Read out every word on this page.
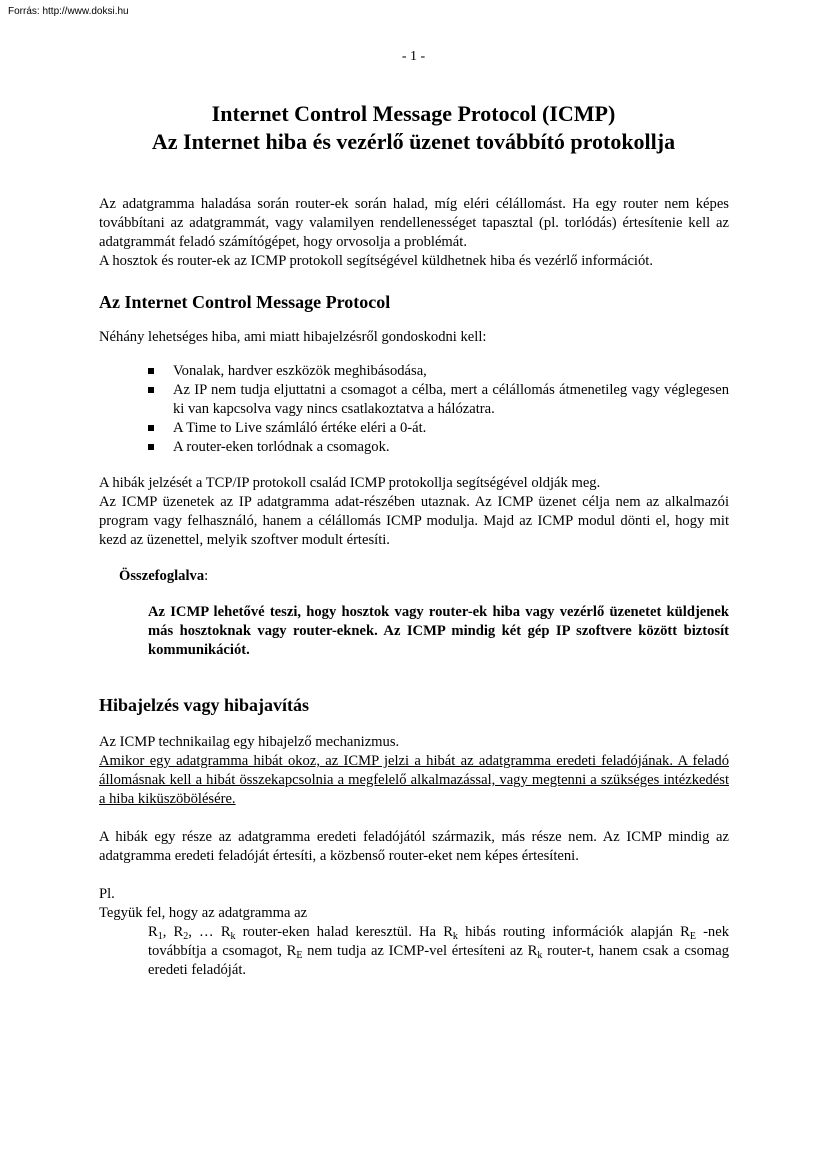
Forrás: http://www.doksi.hu
- 1 -
Internet Control Message Protocol (ICMP)
Az Internet hiba és vezérlő üzenet továbbító protokollja

Az adatgramma haladása során router-ek során halad, míg eléri célállomást. Ha egy router nem képes továbbítani az adatgrammát, vagy valamilyen rendellenességet tapasztal (pl. torlódás) értesítenie kell az adatgrammát feladó számítógépet, hogy orvosolja a problémát.

A hosztok és router-ek az ICMP protokoll segítségével küldhetnek hiba és vezérlő információt.

Az Internet Control Message Protocol

Néhány lehetséges hiba, ami miatt hibajelzésről gondoskodni kell:

Vonalak, hardver eszközök meghibásodása,
Az IP nem tudja eljuttatni a csomagot a célba, mert a célállomás átmenetileg vagy véglegesen ki van kapcsolva vagy nincs csatlakoztatva a hálózatra.
A Time to Live számláló értéke eléri a 0-át.
A router-eken torlódnak a csomagok.

A hibák jelzését a TCP/IP protokoll család ICMP protokollja segítségével oldják meg.

Az ICMP üzenetek az IP adatgramma adat-részében utaznak. Az ICMP üzenet célja nem az alkalmazói program vagy felhasználó, hanem a célállomás ICMP modulja. Majd az ICMP modul dönti el, hogy mit kezd az üzenettel, melyik szoftver modult értesíti.

Összefoglalva:

Az ICMP lehetővé teszi, hogy hosztok vagy router-ek hiba vagy vezérlő üzenetet küldjenek más hosztoknak vagy router-eknek. Az ICMP mindig két gép IP szoftvere között biztosít kommunikációt.

Hibajelzés vagy hibajavítás

Az ICMP technikailag egy hibajelző mechanizmus.

Amikor egy adatgramma hibát okoz, az ICMP jelzi a hibát az adatgramma eredeti feladójának. A feladó állomásnak kell a hibát összekapcsolnia a megfelelő alkalmazással, vagy megtenni a szükséges intézkedést a hiba kiküszöbölésére.

A hibák egy része az adatgramma eredeti feladójától származik, más része nem. Az ICMP mindig az adatgramma eredeti feladóját értesíti, a közbenső router-eket nem képes értesíteni.

Pl.

Tegyük fel, hogy az adatgramma az

$R_1$, $R_2$, … $R_k$ router-eken halad keresztül. Ha $R_k$ hibás routing információk alapján $R_E$ -nek továbbítja a csomagot, $R_E$ nem tudja az ICMP-vel értesíteni az $R_k$ router-t, hanem csak a csomag eredeti feladóját.
